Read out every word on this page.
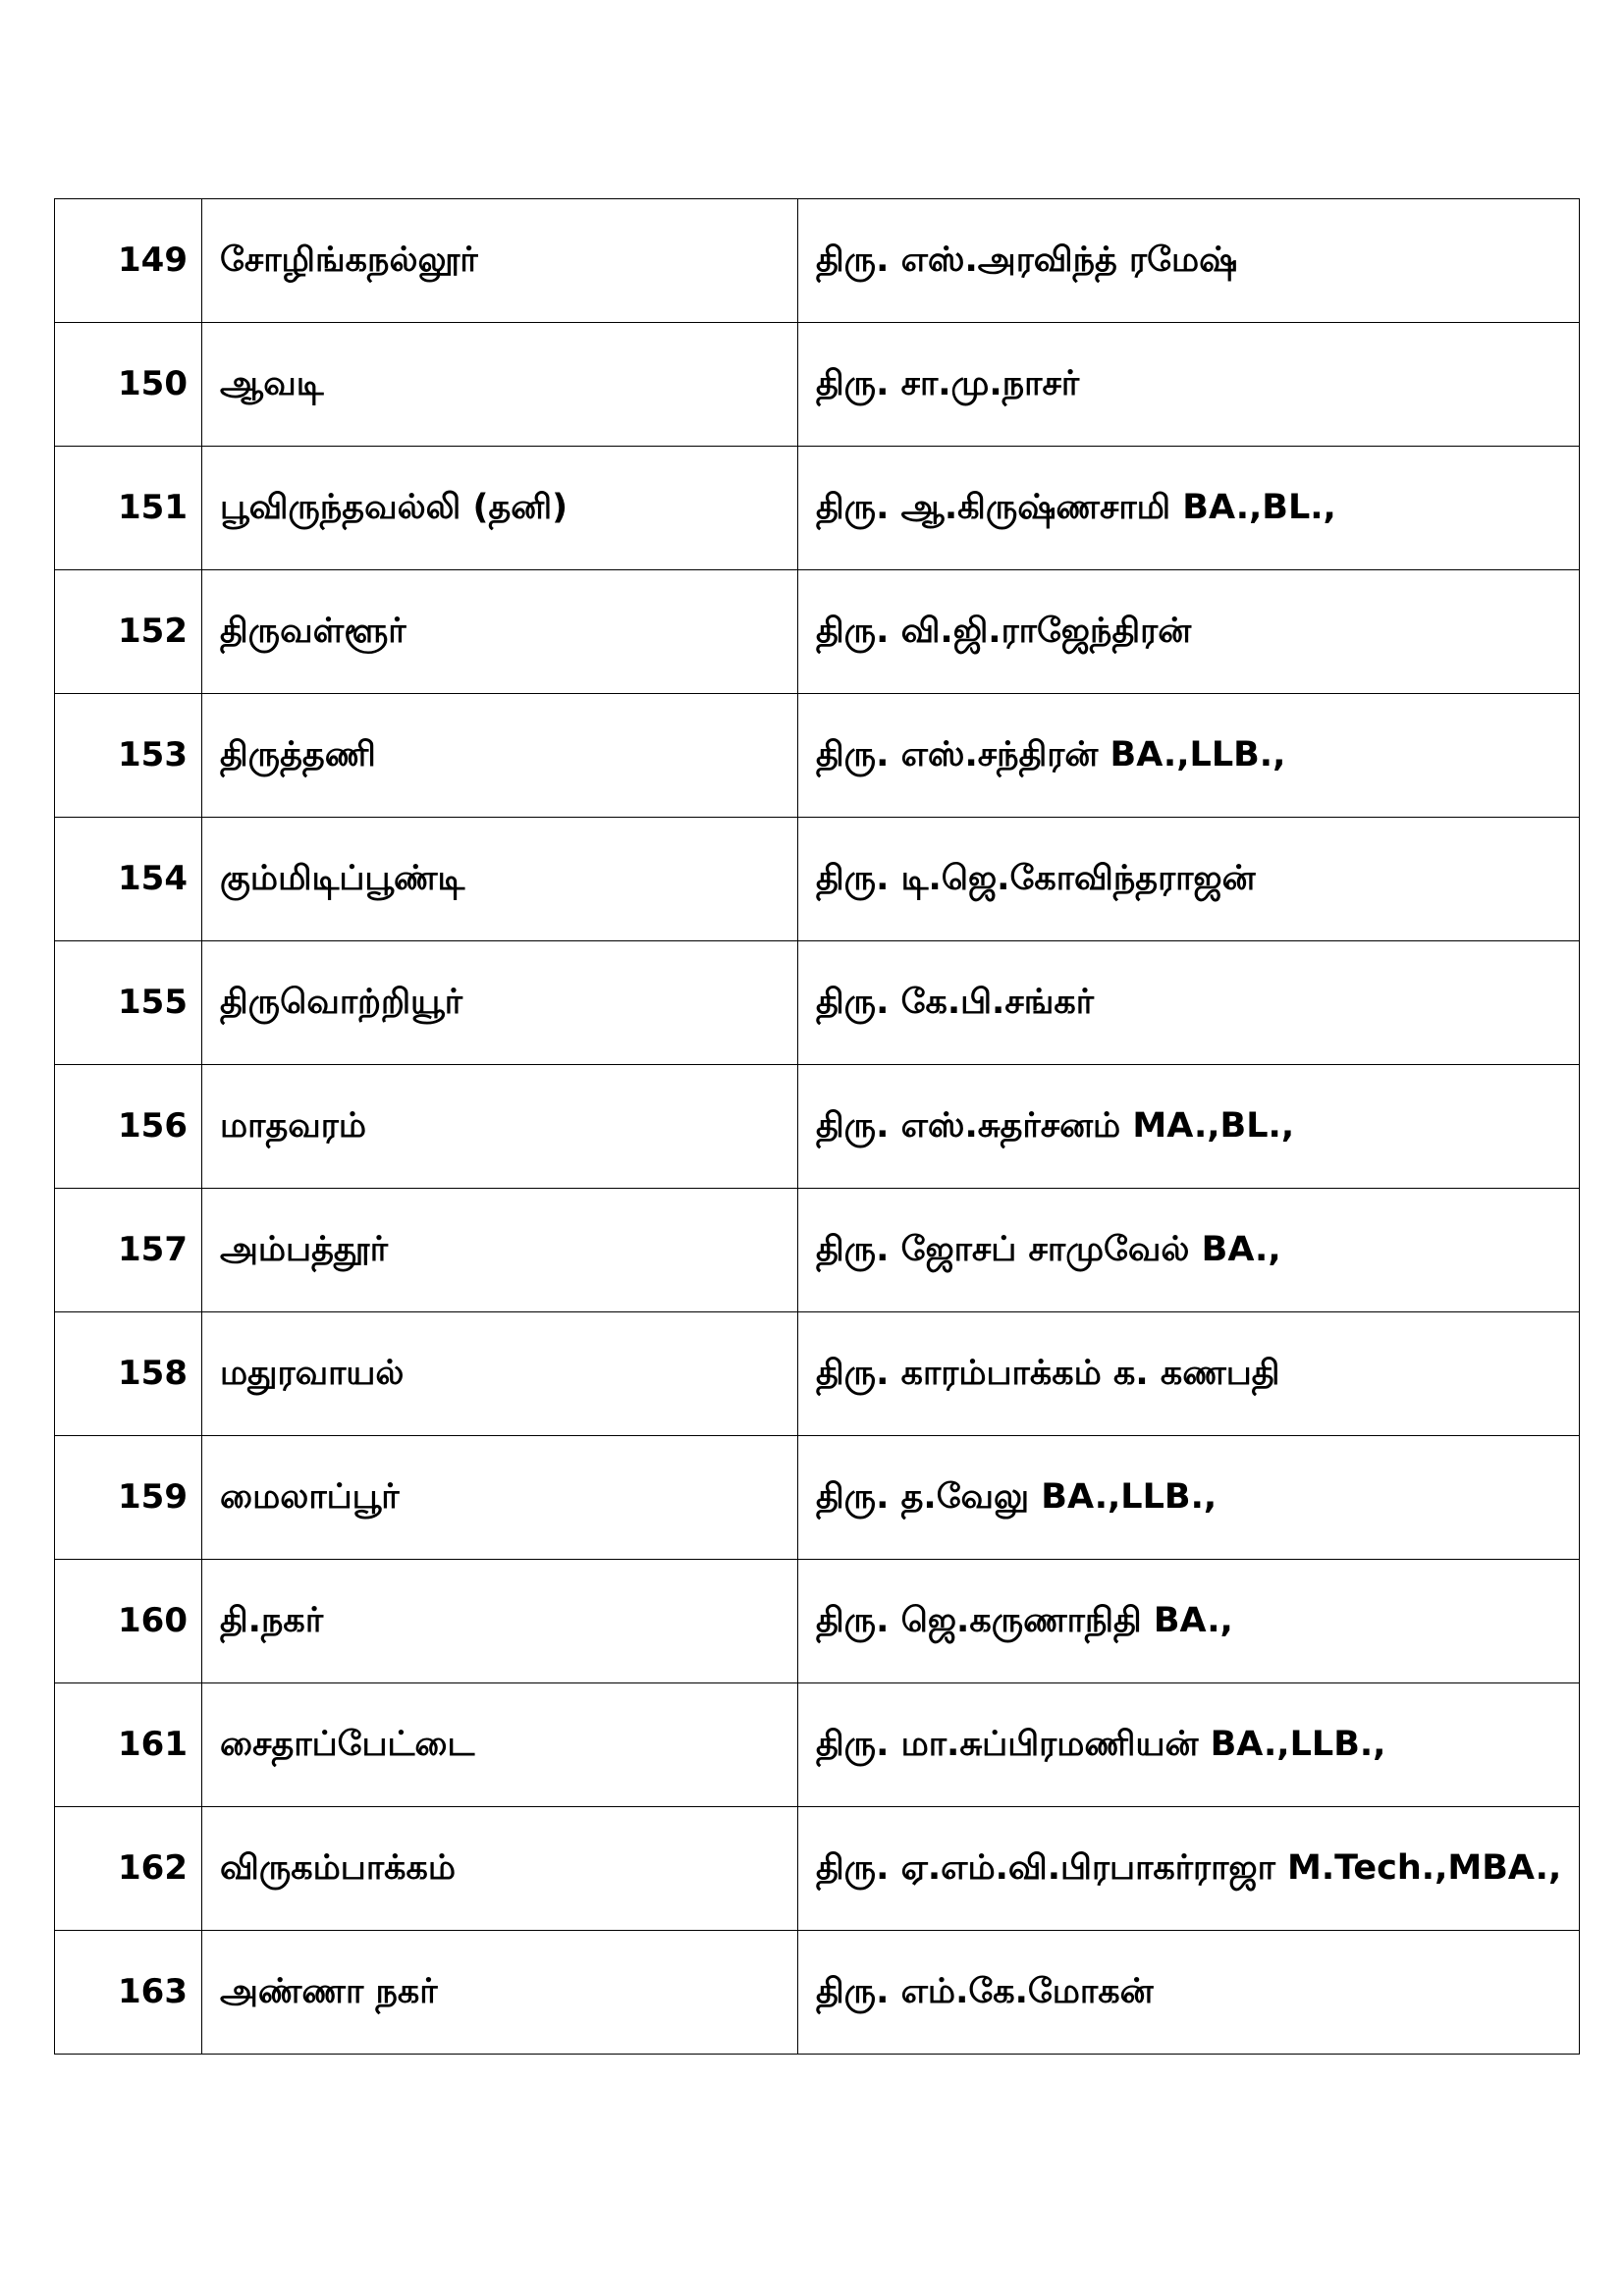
149	சோழிங்கநல்லூர்	திரு. எஸ்.அரவிந்த் ரமேஷ்
150	ஆவடி	திரு. சா.மு.நாசர்
151	பூவிருந்தவல்லி (தனி)	திரு. ஆ.கிருஷ்ணசாமி BA.,BL.,
152	திருவள்ளூர்	திரு. வி.ஜி.ராஜேந்திரன்
153	திருத்தணி	திரு. எஸ்.சந்திரன் BA.,LLB.,
154	கும்மிடிப்பூண்டி	திரு. டி.ஜெ.கோவிந்தராஜன்
155	திருவொற்றியூர்	திரு. கே.பி.சங்கர்
156	மாதவரம்	திரு. எஸ்.சுதர்சனம் MA.,BL.,
157	அம்பத்தூர்	திரு. ஜோசப் சாமுவேல் BA.,
158	மதுரவாயல்	திரு. காரம்பாக்கம் க. கணபதி
159	மைலாப்பூர்	திரு. த.வேலு BA.,LLB.,
160	தி.நகர்	திரு. ஜெ.கருணாநிதி BA.,
161	சைதாப்பேட்டை	திரு. மா.சுப்பிரமணியன் BA.,LLB.,
162	விருகம்பாக்கம்	திரு. ஏ.எம்.வி.பிரபாகர்ராஜா M.Tech.,MBA.,
163	அண்ணா நகர்	திரு. எம்.கே.மோகன்
